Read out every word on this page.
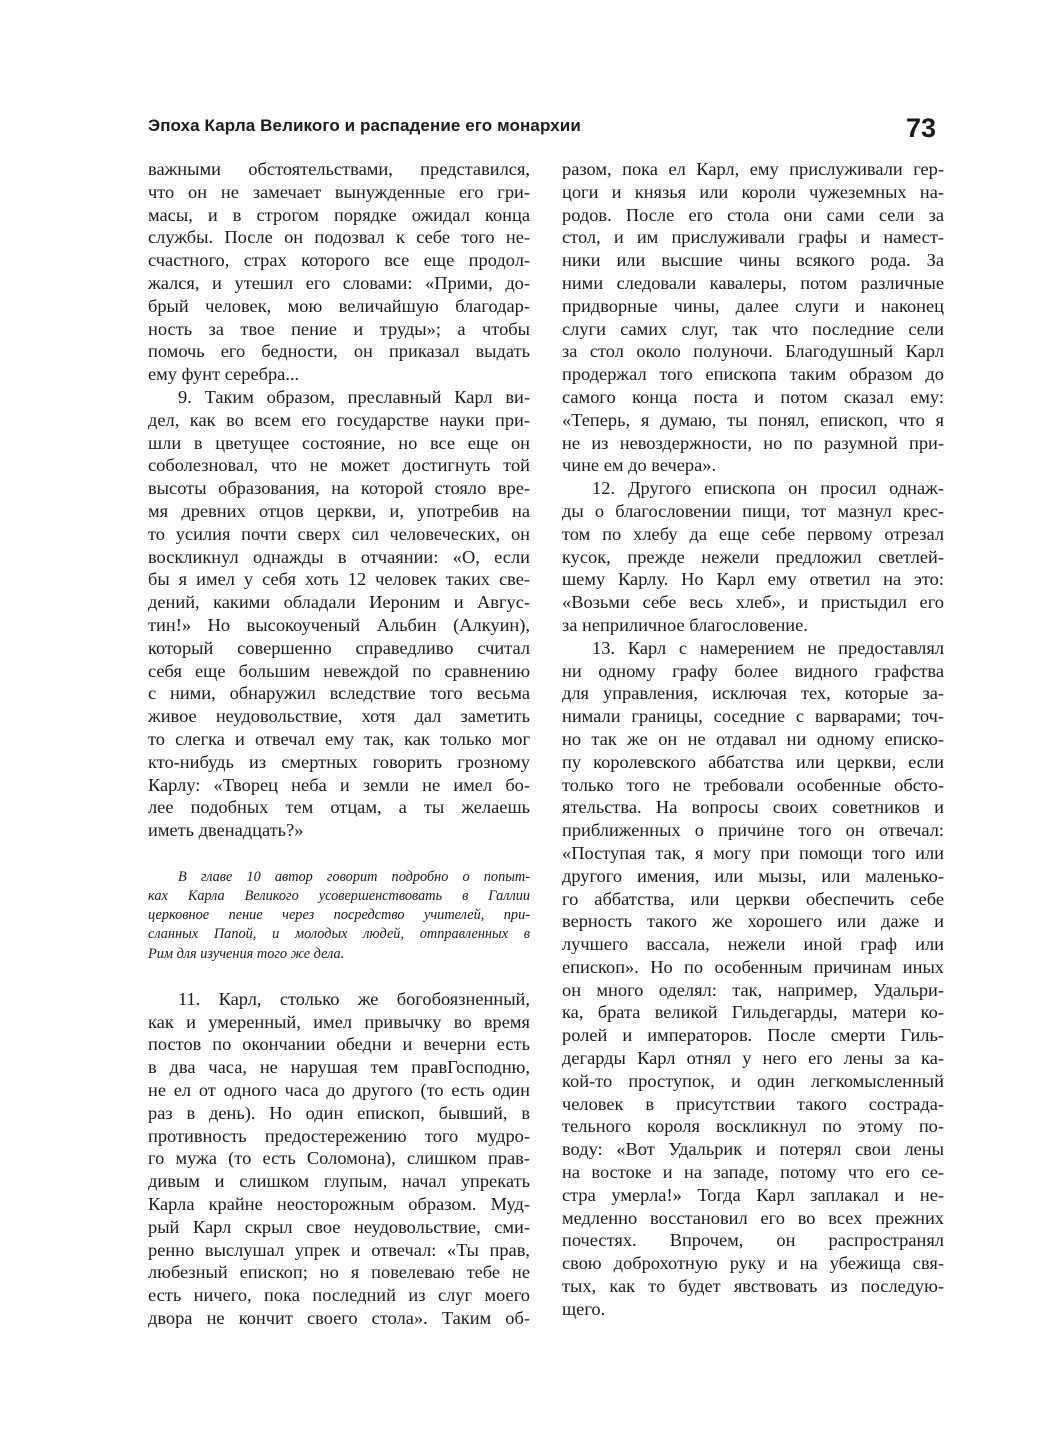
Эпоха Карла Великого и распадение его монархии	73
важными обстоятельствами, представился,
что он не замечает вынужденные его гри-
масы, и в строгом порядке ожидал конца
службы. После он подозвал к себе того не-
счастного, страх которого все еще продол-
жался, и утешил его словами: «Прими, до-
брый человек, мою величайшую благодар-
ность за твое пение и труды»; а чтобы
помочь его бедности, он приказал выдать
ему фунт серебра...
9. Таким образом, преславный Карл ви-
дел, как во всем его государстве науки при-
шли в цветущее состояние, но все еще он
соболезновал, что не может достигнуть той
высоты образования, на которой стояло вре-
мя древних отцов церкви, и, употребив на
то усилия почти сверх сил человеческих, он
воскликнул однажды в отчаянии: «О, если
бы я имел у себя хоть 12 человек таких све-
дений, какими обладали Иероним и Авгус-
тин!» Но высокоученый Альбин (Алкуин),
который совершенно справедливо считал
себя еще большим невеждой по сравнению
с ними, обнаружил вследствие того весьма
живое неудовольствие, хотя дал заметить
то слегка и отвечал ему так, как только мог
кто-нибудь из смертных говорить грозному
Карлу: «Творец неба и земли не имел бо-
лее подобных тем отцам, а ты желаешь
иметь двенадцать?»
В главе 10 автор говорит подробно о попыт-
ках Карла Великого усовершенствовать в Галлии
церковное пение через посредство учителей, при-
сланных Папой, и молодых людей, отправленных в
Рим для изучения того же дела.
11. Карл, столько же богобоязненный,
как и умеренный, имел привычку во время
постов по окончании обедни и вечерни есть
в два часа, не нарушая тем правГосподню,
не ел от одного часа до другого (то есть один
раз в день). Но один епископ, бывший, в
противность предостережению того мудро-
го мужа (то есть Соломона), слишком прав-
дивым и слишком глупым, начал упрекать
Карла крайне неосторожным образом. Муд-
рый Карл скрыл свое неудовольствие, сми-
ренно выслушал упрек и отвечал: «Ты прав,
любезный епископ; но я повелеваю тебе не
есть ничего, пока последний из слуг моего
двора не кончит своего стола». Таким об-
разом, пока ел Карл, ему прислуживали гер-
цоги и князья или короли чужеземных на-
родов. После его стола они сами сели за
стол, и им прислуживали графы и намест-
ники или высшие чины всякого рода. За
ними следовали кавалеры, потом различные
придворные чины, далее слуги и наконец
слуги самих слуг, так что последние сели
за стол около полуночи. Благодушный Карл
продержал того епископа таким образом до
самого конца поста и потом сказал ему:
«Теперь, я думаю, ты понял, епископ, что я
не из невоздержности, но по разумной при-
чине ем до вечера».
12. Другого епископа он просил однаж-
ды о благословении пищи, тот мазнул крес-
том по хлебу да еще себе первому отрезал
кусок, прежде нежели предложил светлей-
шему Карлу. Но Карл ему ответил на это:
«Возьми себе весь хлеб», и пристыдил его
за неприличное благословение.
13. Карл с намерением не предоставлял
ни одному графу более видного графства
для управления, исключая тех, которые за-
нимали границы, соседние с варварами; точ-
но так же он не отдавал ни одному еписко-
пу королевского аббатства или церкви, если
только того не требовали особенные обсто-
ятельства. На вопросы своих советников и
приближенных о причине того он отвечал:
«Поступая так, я могу при помощи того или
другого имения, или мызы, или маленько-
го аббатства, или церкви обеспечить себе
верность такого же хорошего или даже и
лучшего вассала, нежели иной граф или
епископ». Но по особенным причинам иных
он много оделял: так, например, Удальри-
ка, брата великой Гильдегарды, матери ко-
ролей и императоров. После смерти Гиль-
дегарды Карл отнял у него его лены за ка-
кой-то проступок, и один легкомысленный
человек в присутствии такого сострада-
тельного короля воскликнул по этому по-
воду: «Вот Удальрик и потерял свои лены
на востоке и на западе, потому что его се-
стра умерла!» Тогда Карл заплакал и не-
медленно восстановил его во всех прежних
почестях. Впрочем, он распространял
свою доброхотную руку и на убежища свя-
тых, как то будет явствовать из последую-
щего.
